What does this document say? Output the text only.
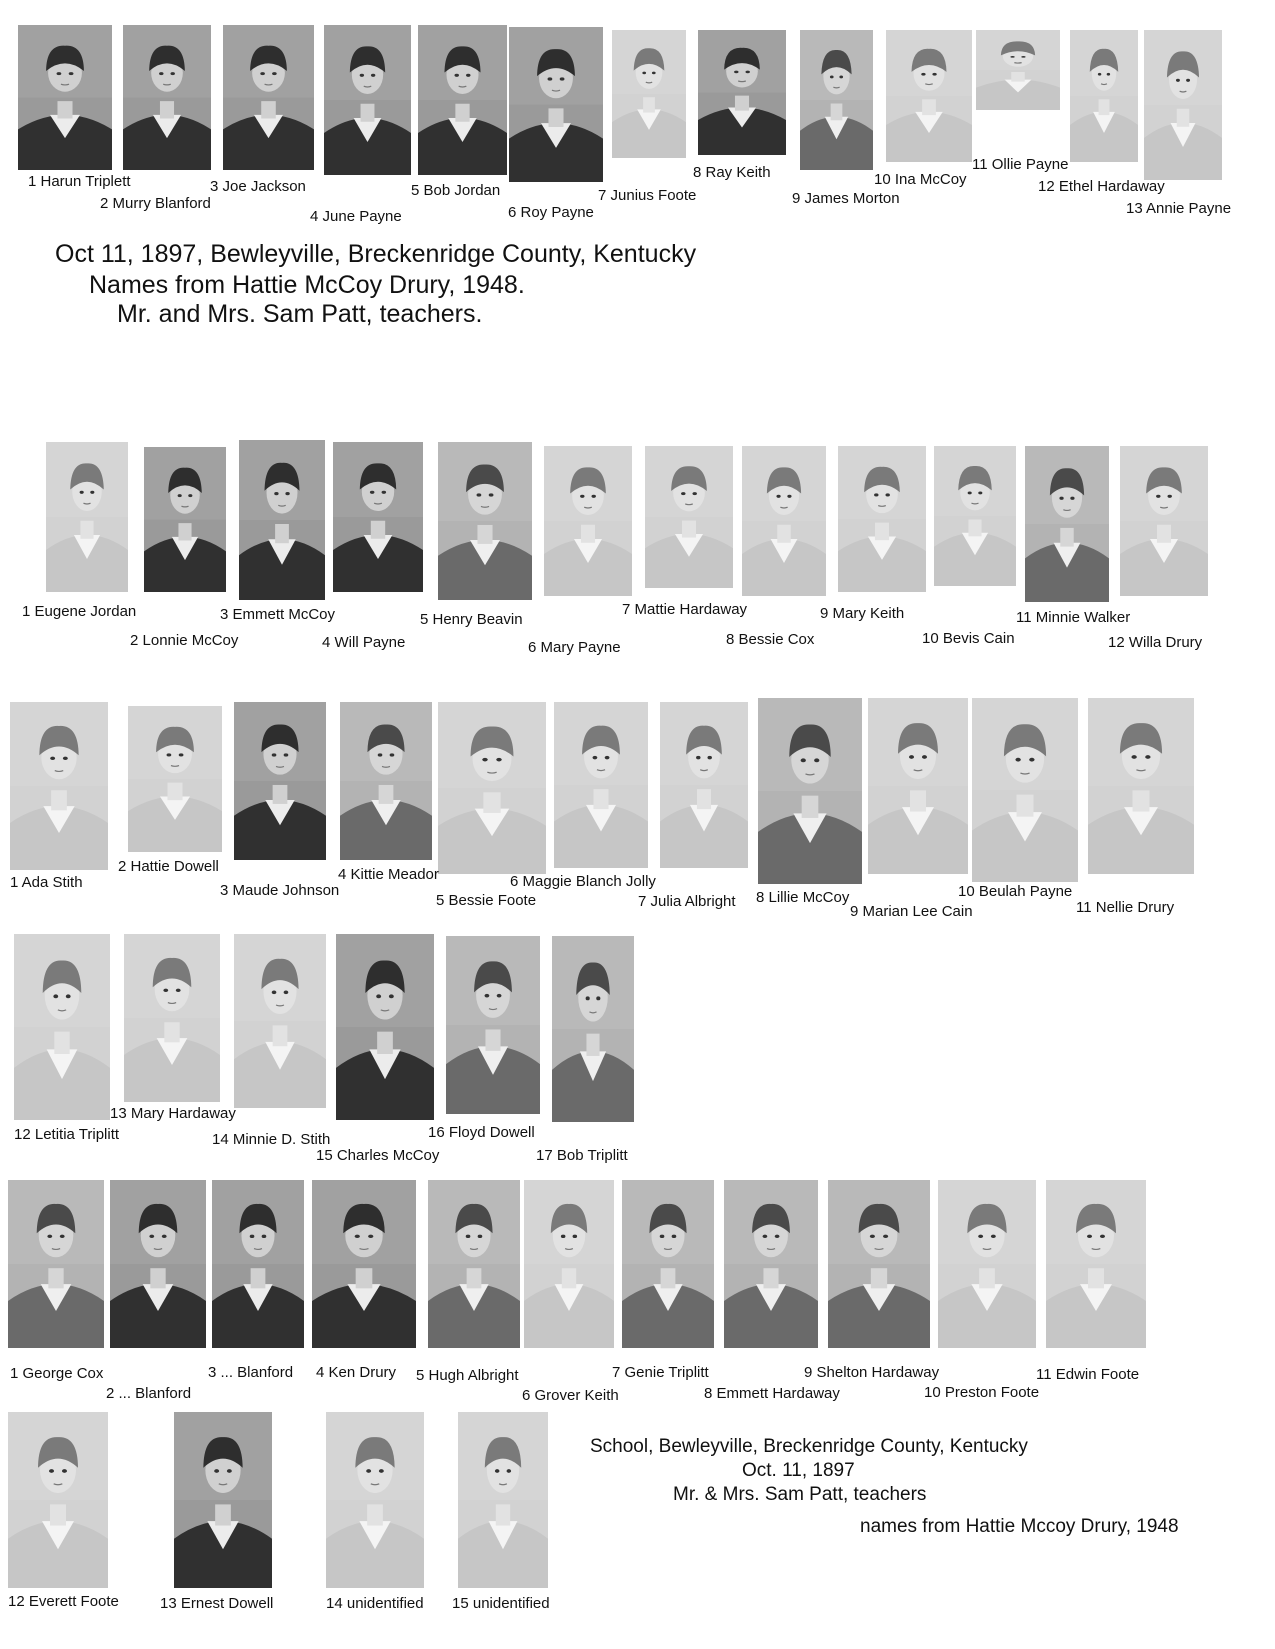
Oct 11, 1897, Bewleyville, Breckenridge County, Kentucky
Names from Hattie McCoy Drury, 1948.
Mr. and Mrs. Sam Patt, teachers.
1 Harun Triplett
2 Murry Blanford
3 Joe Jackson
4 June Payne
5 Bob Jordan
6 Roy Payne
7 Junius Foote
8 Ray Keith
9 James Morton
10 Ina McCoy
11 Ollie Payne
12 Ethel Hardaway
13 Annie Payne
1 Eugene Jordan
2 Lonnie McCoy
3 Emmett McCoy
4 Will Payne
5 Henry Beavin
6 Mary Payne
7 Mattie Hardaway
8 Bessie Cox
9 Mary Keith
10 Bevis Cain
11 Minnie Walker
12 Willa Drury
1 Ada Stith
2 Hattie Dowell
3 Maude Johnson
4 Kittie Meador
5 Bessie Foote
6 Maggie Blanch Jolly
7 Julia Albright 8 Lillie McCoy
9 Marian Lee Cain
10 Beulah Payne
11 Nellie Drury
12 Letitia Triplitt
13 Mary Hardaway
14 Minnie D. Stith
15 Charles McCoy
16 Floyd Dowell
17 Bob Triplitt
1 George Cox
2 ... Blanford
3 ... Blanford 4 Ken Drury 5 Hugh Albright
6 Grover Keith
7 Genie Triplitt
8 Emmett Hardaway
9 Shelton Hardaway
10 Preston Foote
11 Edwin Foote
12 Everett Foote	13 Ernest Dowell	14 unidentified 15 unidentified
School, Bewleyville, Breckenridge County, Kentucky
Oct. 11, 1897
Mr. & Mrs. Sam Patt, teachers
names from Hattie Mccoy Drury, 1948
